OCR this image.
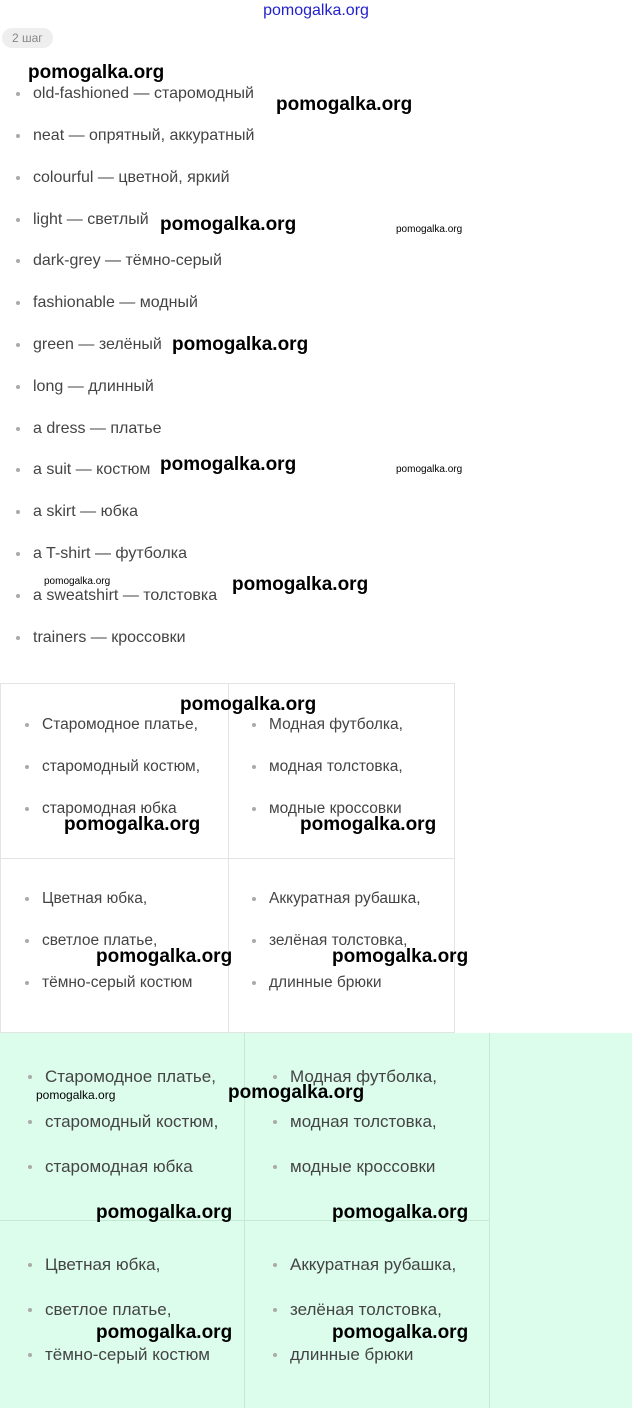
pomogalka.org
2 шаг
old-fashioned — старомодный
neat — опрятный, аккуратный
colourful — цветной, яркий
light — светлый
dark-grey — тёмно-серый
fashionable — модный
green — зелёный
long — длинный
a dress — платье
a suit — костюм
a skirt — юбка
a T-shirt — футболка
a sweatshirt — толстовка
trainers — кроссовки
Старомодное платье,
старомодный костюм,
старомодная юбка
Модная футболка,
модная толстовка,
модные кроссовки
Цветная юбка,
светлое платье,
тёмно-серый костюм
Аккуратная рубашка,
зелёная толстовка,
длинные брюки
Старомодное платье,
старомодный костюм,
старомодная юбка
Модная футболка,
модная толстовка,
модные кроссовки
Цветная юбка,
светлое платье,
тёмно-серый костюм
Аккуратная рубашка,
зелёная толстовка,
длинные брюки
pomogalka.org
pomogalka.org
pomogalka.org	pomogalka.org
pomogalka.org
pomogalka.org	pomogalka.org
pomogalka.org	pomogalka.org
pomogalka.org
pomogalka.org	pomogalka.org
pomogalka.org	pomogalka.org
pomogalka.org	pomogalka.org
pomogalka.org	pomogalka.org
pomogalka.org	pomogalka.org
